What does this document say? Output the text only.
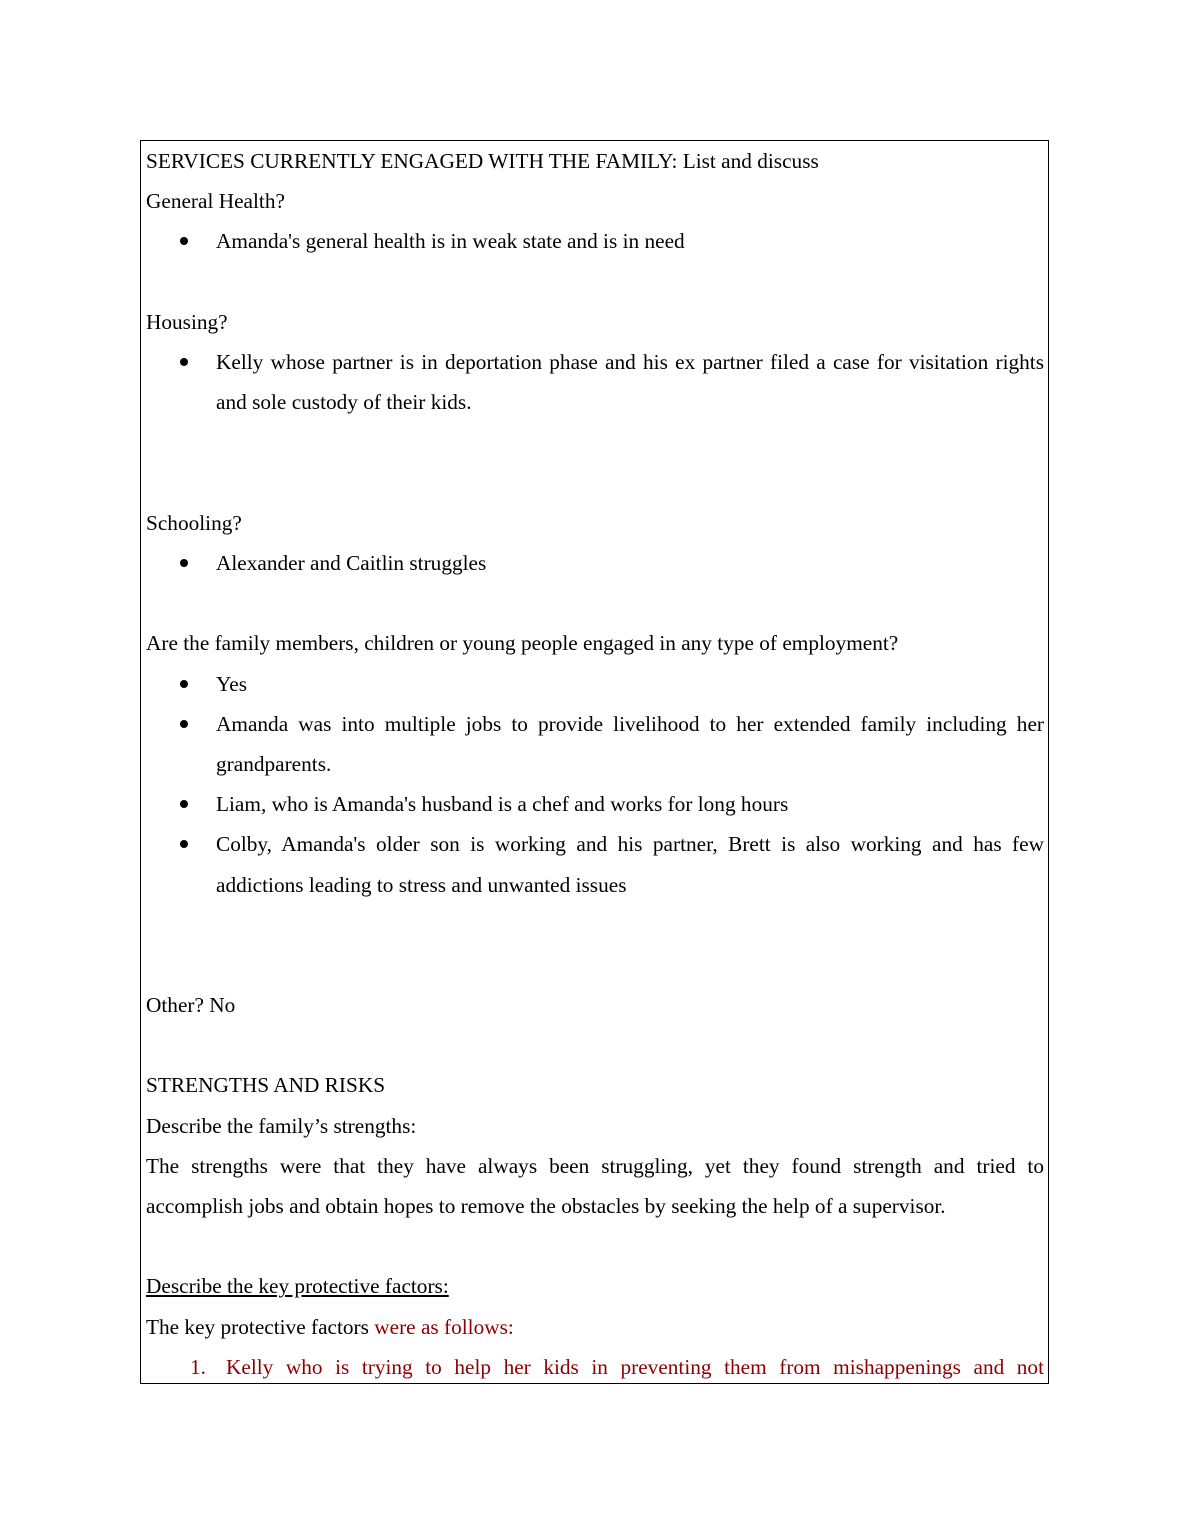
SERVICES CURRENTLY ENGAGED WITH THE FAMILY: List and discuss
General Health?
Amanda's general health is in weak state and is in need
Housing?
Kelly whose partner is in deportation phase and his ex partner filed a case for visitation rights and sole custody of their kids.
Schooling?
Alexander and Caitlin struggles
Are the family members, children or young people engaged in any type of employment?
Yes
Amanda was into multiple jobs to provide livelihood to her extended family including her grandparents.
Liam, who is Amanda's husband is a chef and works for long hours
Colby, Amanda's older son is working and his partner, Brett is also working and has few addictions leading to stress and unwanted issues
Other? No
STRENGTHS AND RISKS
Describe the family’s strengths:
The strengths were that they have always been struggling, yet they found strength and tried to accomplish jobs and obtain hopes to remove the obstacles by seeking the help of a supervisor.
Describe the key protective factors:
The key protective factors were as follows:
1. Kelly who is trying to help her kids in preventing them from mishappenings and not
